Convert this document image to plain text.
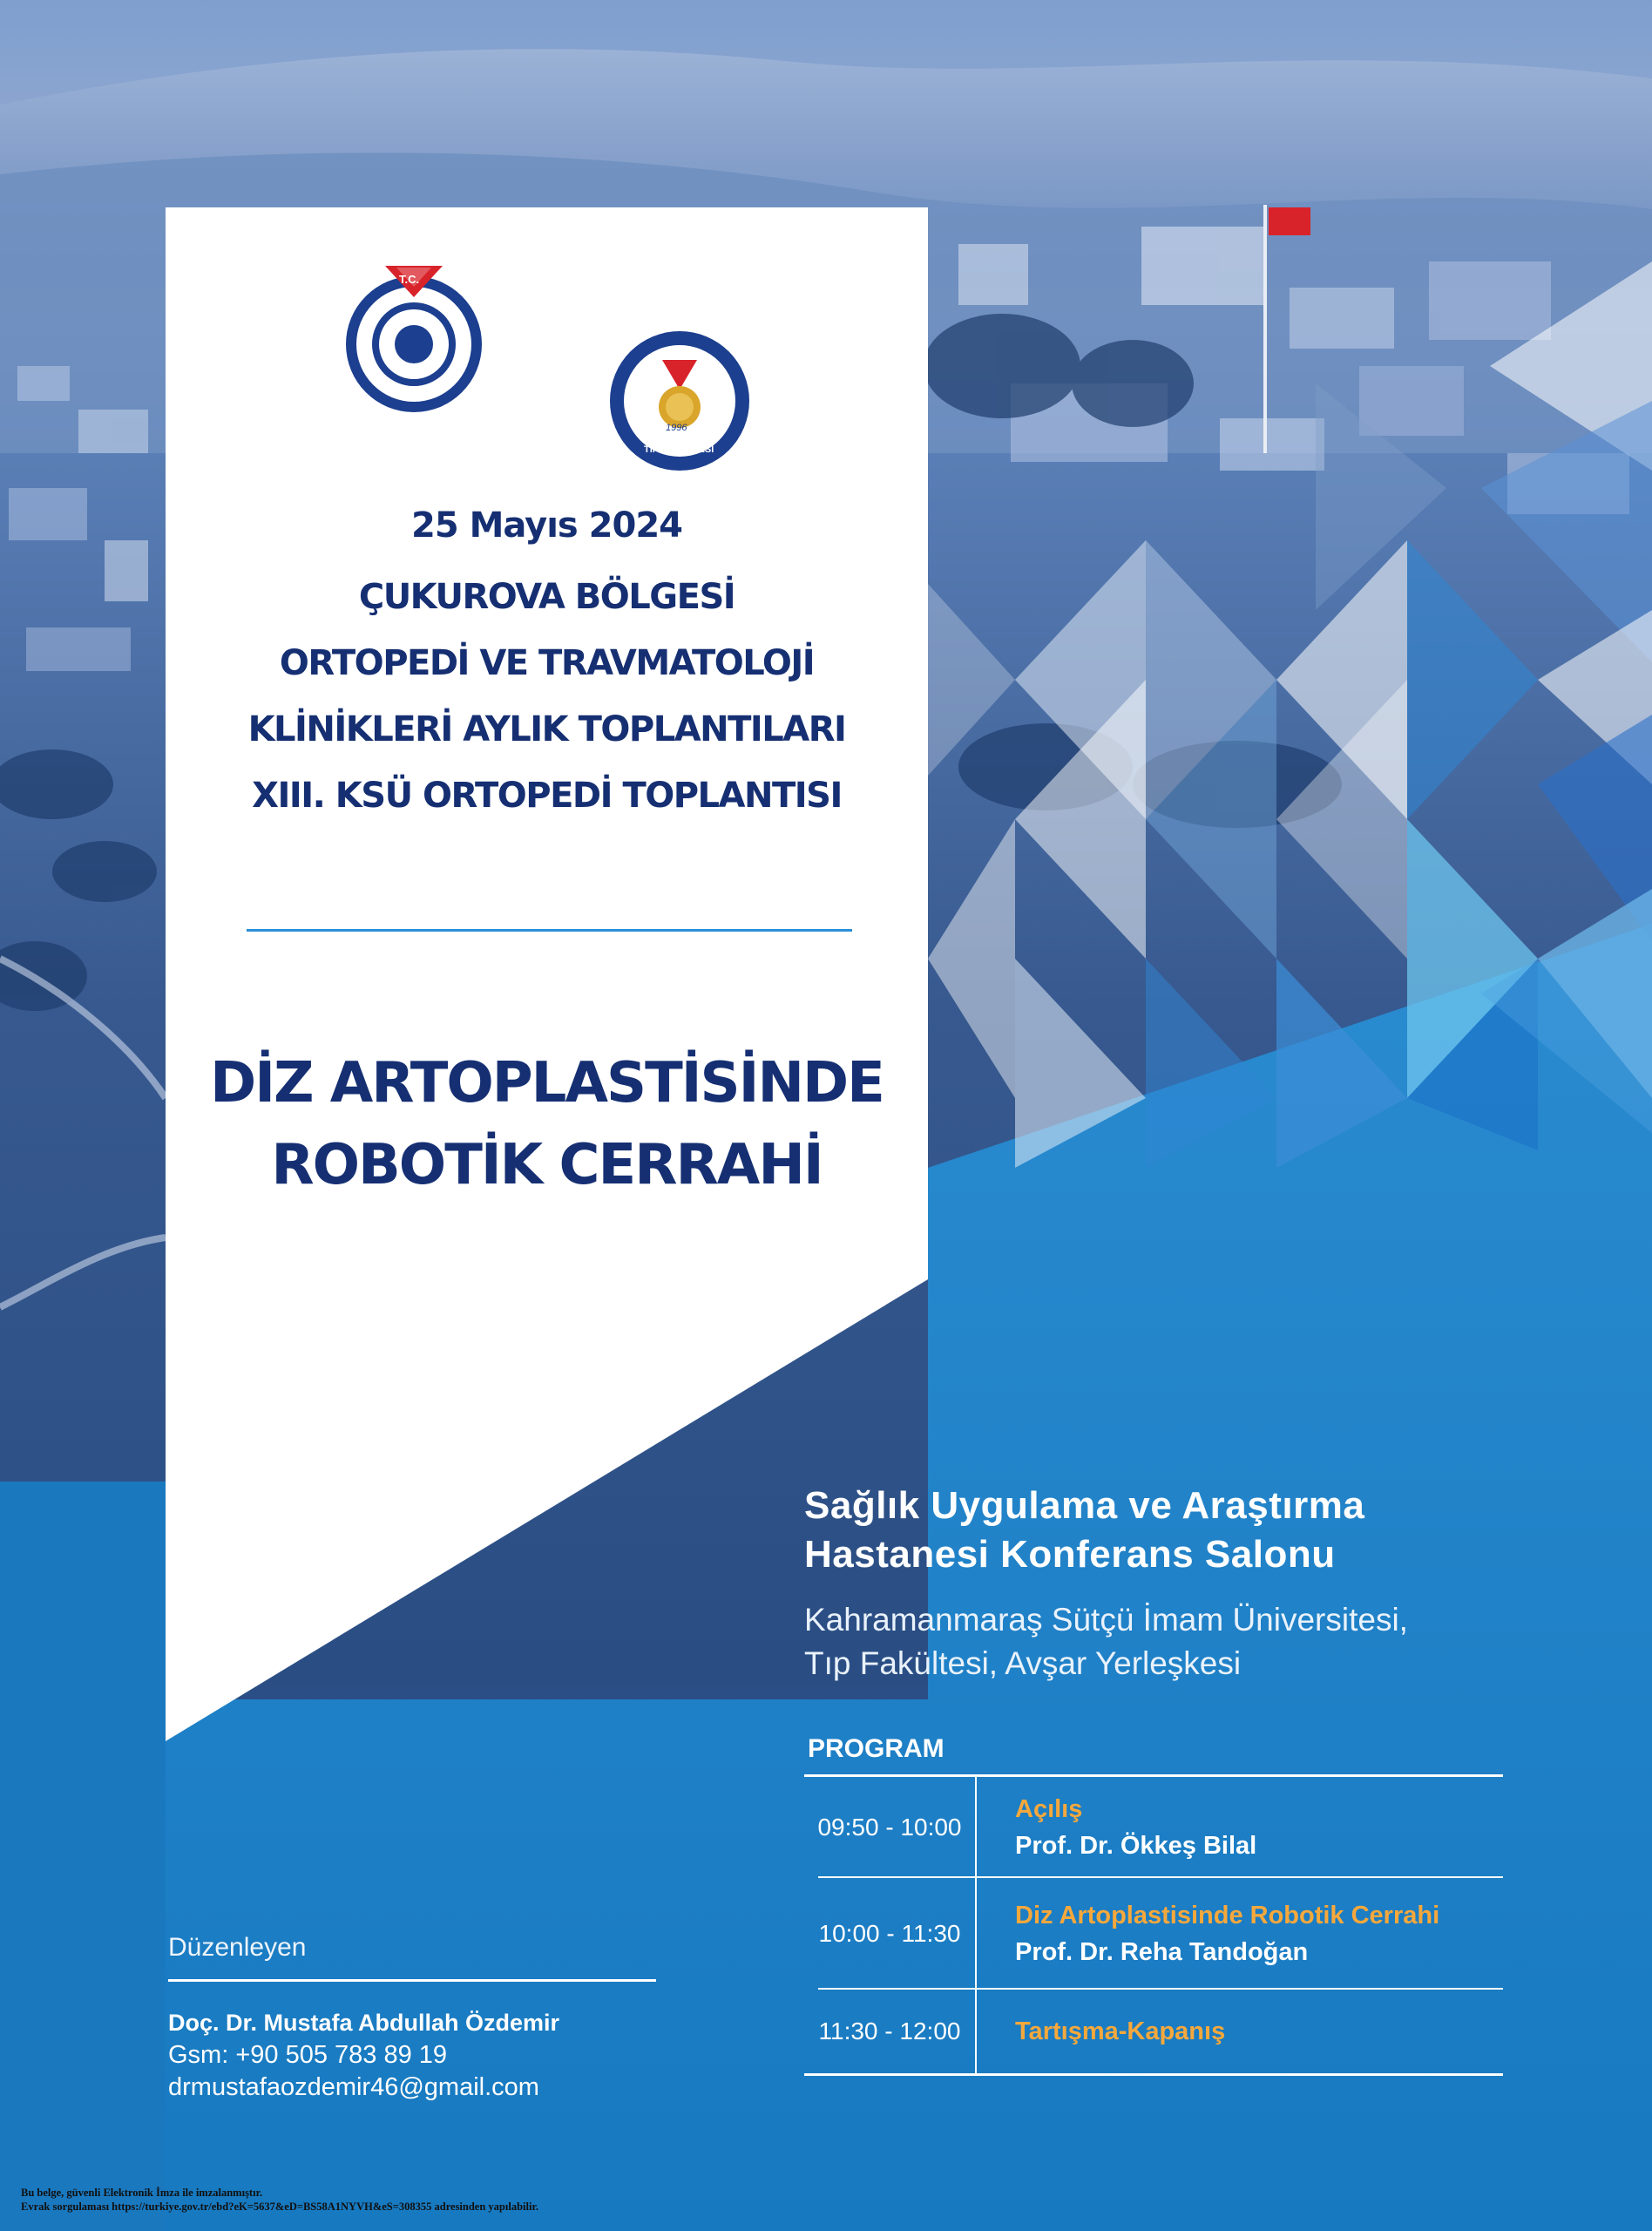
T.C.
1992
1996
TIP FAKÜLTESİ
25 Mayıs 2024
ÇUKUROVA BÖLGESİ
ORTOPEDİ VE TRAVMATOLOJİ
KLİNİKLERİ AYLIK TOPLANTILARI
XIII. KSÜ ORTOPEDİ TOPLANTISI
DİZ ARTOPLASTİSİNDE
ROBOTİK CERRAHİ
Sağlık Uygulama ve Araştırma
Hastanesi Konferans Salonu
Kahramanmaraş Sütçü İmam Üniversitesi,
Tıp Fakültesi, Avşar Yerleşkesi
PROGRAM
09:50 - 10:00
Açılış
Prof. Dr. Ökkeş Bilal
10:00 - 11:30
Diz Artoplastisinde Robotik Cerrahi
Prof. Dr. Reha Tandoğan
11:30 - 12:00	Tartışma-Kapanış
Düzenleyen
Doç. Dr. Mustafa Abdullah Özdemir
Gsm: +90 505 783 89 19
drmustafaozdemir46@gmail.com
Bu belge, güvenli Elektronik İmza ile imzalanmıştır.
Evrak sorgulaması https://turkiye.gov.tr/ebd?eK=5637&eD=BS58A1NYVH&eS=308355 adresinden yapılabilir.
